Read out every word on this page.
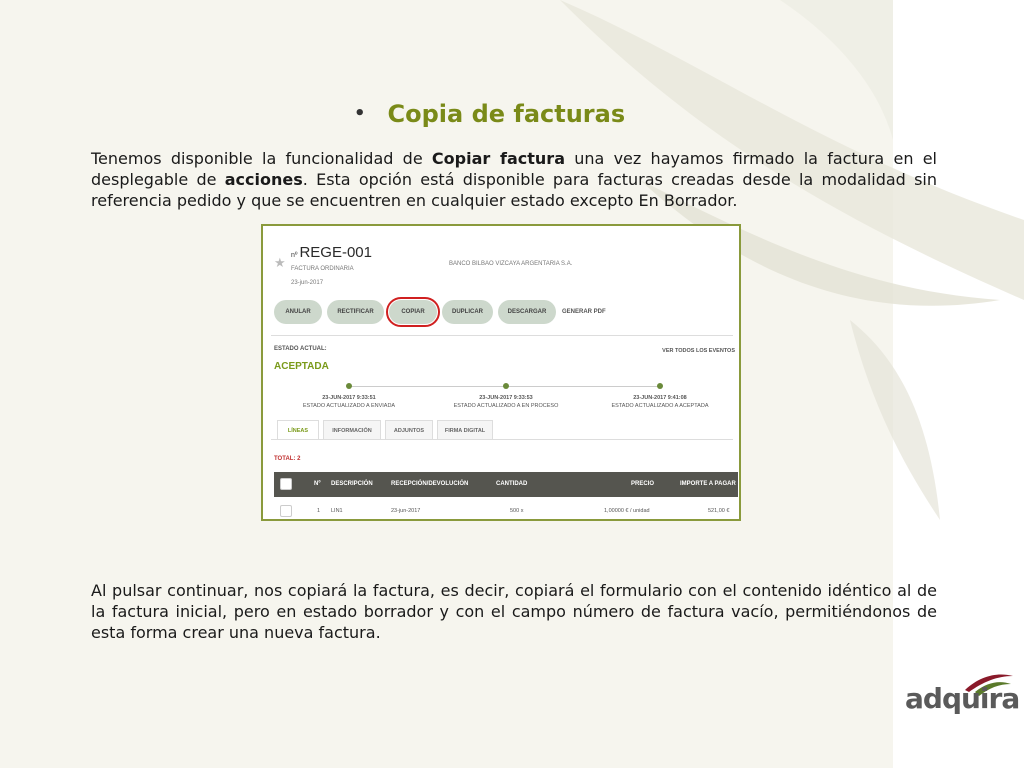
• Copia de facturas
Tenemos disponible la funcionalidad de Copiar factura una vez hayamos firmado la factura en el desplegable de acciones. Esta opción está disponible para facturas creadas desde la modalidad sin referencia pedido y que se encuentren en cualquier estado excepto En Borrador.
★ nº REGE-001
FACTURA ORDINARIA
23-jun-2017
BANCO BILBAO VIZCAYA ARGENTARIA S.A.
ANULAR	RECTIFICAR	COPIAR	DUPLICAR	DESCARGAR	GENERAR PDF
ESTADO ACTUAL:	VER TODOS LOS EVENTOS
ACEPTADA
23-JUN-2017 9:33:51
ESTADO ACTUALIZADO A ENVIADA
23-JUN-2017 9:33:53
ESTADO ACTUALIZADO A EN PROCESO
23-JUN-2017 9:41:08
ESTADO ACTUALIZADO A ACEPTADA
LÍNEAS	INFORMACIÓN	ADJUNTOS	FIRMA DIGITAL
TOTAL: 2
Nº DESCRIPCIÓN	RECEPCIÓN/DEVOLUCIÓN	CANTIDAD	PRECIO	IMPORTE A PAGAR
1 LIN1	23-jun-2017	500 x	1,00000 € / unidad	521,00 €
Al pulsar continuar, nos copiará la factura, es decir, copiará el formulario con el contenido idéntico al de la factura inicial, pero en estado borrador y con el campo número de factura vacío, permitiéndonos de esta forma crear una nueva factura.
adquira
